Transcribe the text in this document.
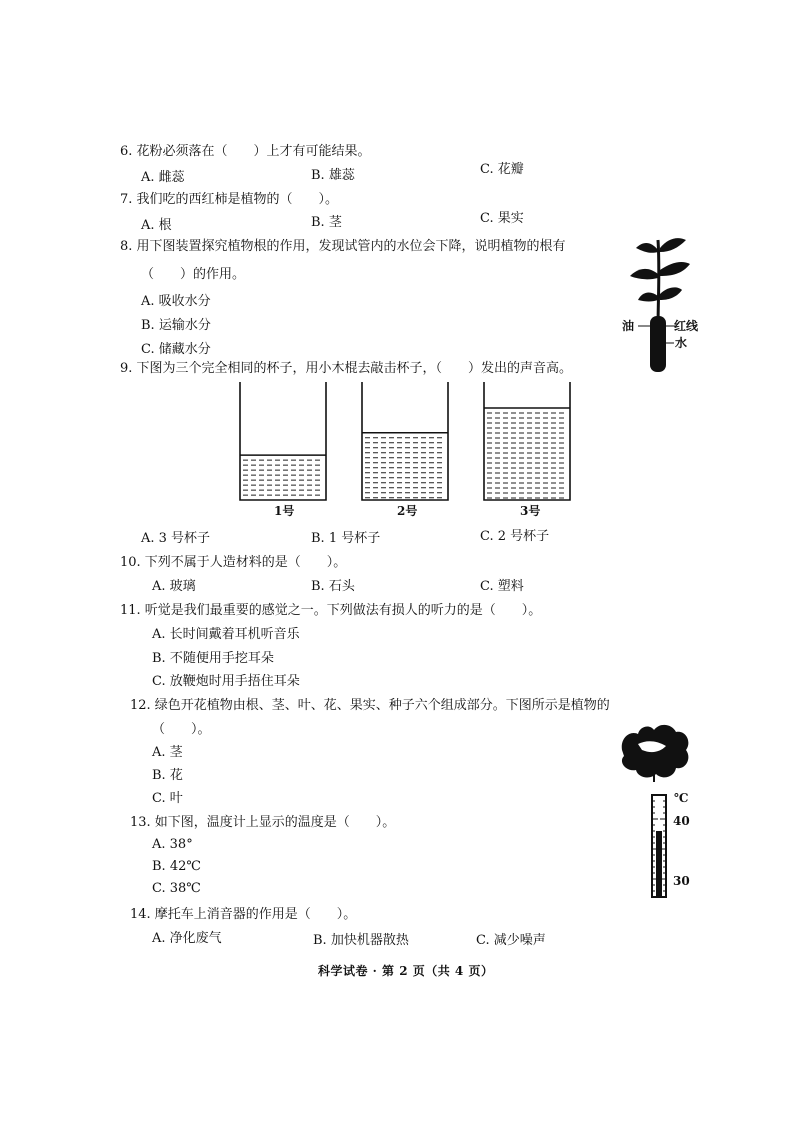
6. 花粉必须落在（　　）上才有可能结果。
A. 雌蕊	B. 雄蕊	C. 花瓣
7. 我们吃的西红柿是植物的（　　）。
A. 根	B. 茎	C. 果实
8. 用下图装置探究植物根的作用，发现试管内的水位会下降，说明植物的根有
（　　）的作用。
A. 吸收水分
B. 运输水分
C. 储藏水分
油	红线
水
9. 下图为三个完全相同的杯子，用小木棍去敲击杯子，（　　）发出的声音高。
1号	2号	3号
A. 3 号杯子	B. 1 号杯子	C. 2 号杯子
10. 下列不属于人造材料的是（　　）。
A. 玻璃	B. 石头	C. 塑料
11. 听觉是我们最重要的感觉之一。下列做法有损人的听力的是（　　）。
A. 长时间戴着耳机听音乐
B. 不随便用手挖耳朵
C. 放鞭炮时用手捂住耳朵
12. 绿色开花植物由根、茎、叶、花、果实、种子六个组成部分。下图所示是植物的
（　　）。
A. 茎
B. 花
C. 叶
13. 如下图，温度计上显示的温度是（　　）。
A. 38°
B. 42℃
C. 38℃
℃
40
30
14. 摩托车上消音器的作用是（　　）。
A. 净化废气	B. 加快机器散热	C. 减少噪声
科学试卷 · 第 2 页（共 4 页）
